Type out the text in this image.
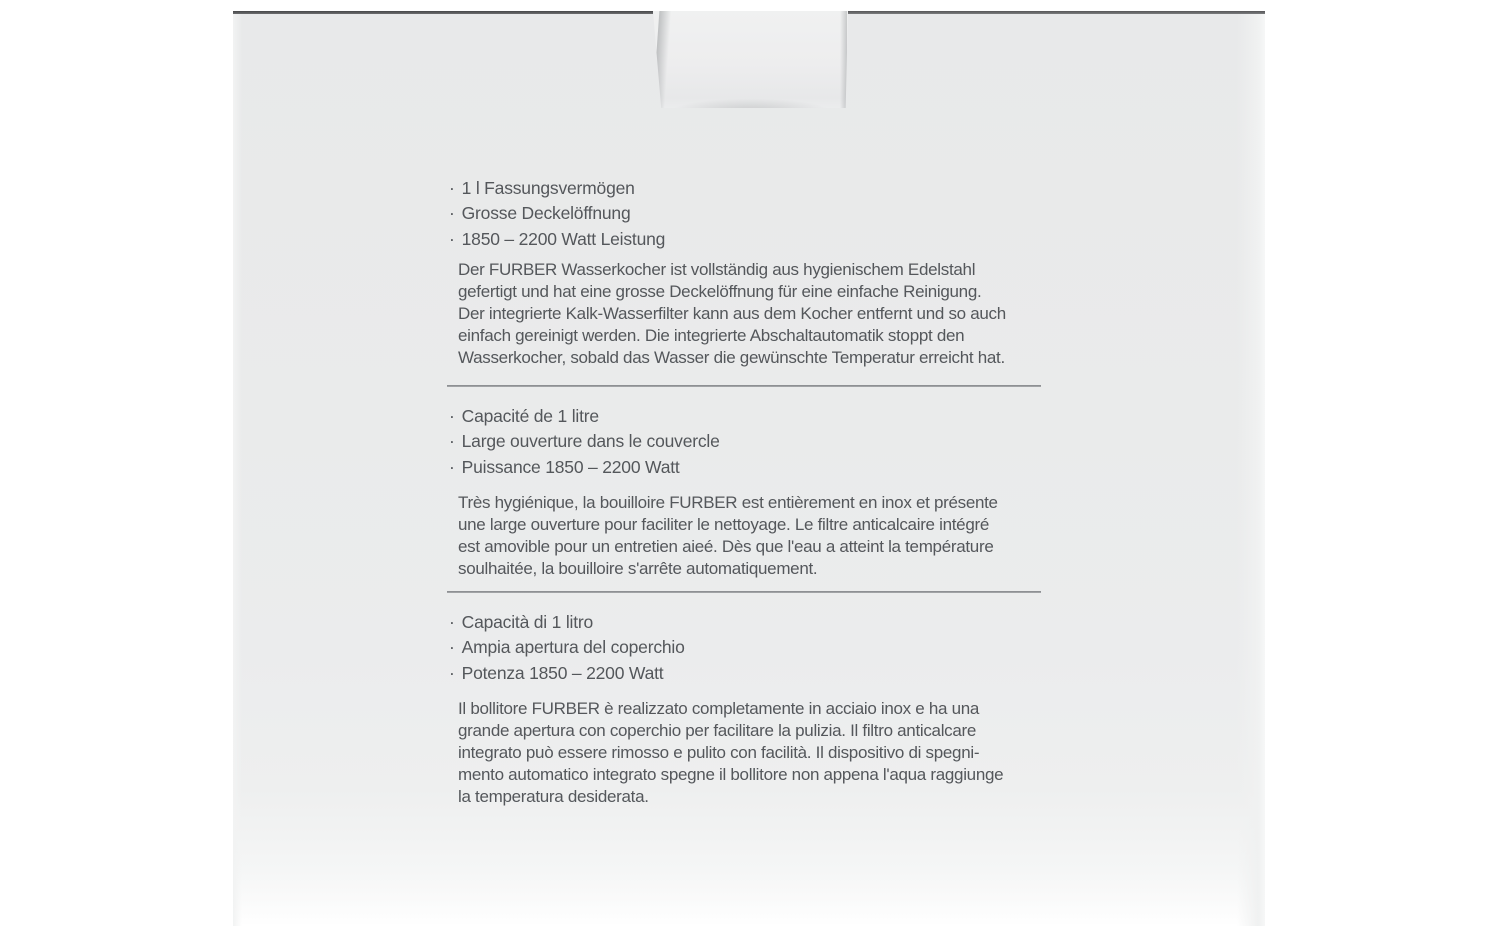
· 1 l Fassungsvermögen
· Grosse Deckelöffnung
· 1850 – 2200 Watt Leistung
Der FURBER Wasserkocher ist vollständig aus hygienischem Edelstahl
gefertigt und hat eine grosse Deckelöffnung für eine einfache Reinigung.
Der integrierte Kalk-Wasserfilter kann aus dem Kocher entfernt und so auch
einfach gereinigt werden. Die integrierte Abschaltautomatik stoppt den
Wasserkocher, sobald das Wasser die gewünschte Temperatur erreicht hat.
· Capacité de 1 litre
· Large ouverture dans le couvercle
· Puissance 1850 – 2200 Watt
Très hygiénique, la bouilloire FURBER est entièrement en inox et présente
une large ouverture pour faciliter le nettoyage. Le filtre anticalcaire intégré
est amovible pour un entretien aieé. Dès que l'eau a atteint la température
soulhaitée, la bouilloire s'arrête automatiquement.
· Capacità di 1 litro
· Ampia apertura del coperchio
· Potenza 1850 – 2200 Watt
Il bollitore FURBER è realizzato completamente in acciaio inox e ha una
grande apertura con coperchio per facilitare la pulizia. Il filtro anticalcare
integrato può essere rimosso e pulito con facilità. Il dispositivo di spegni-
mento automatico integrato spegne il bollitore non appena l'aqua raggiunge
la temperatura desiderata.
